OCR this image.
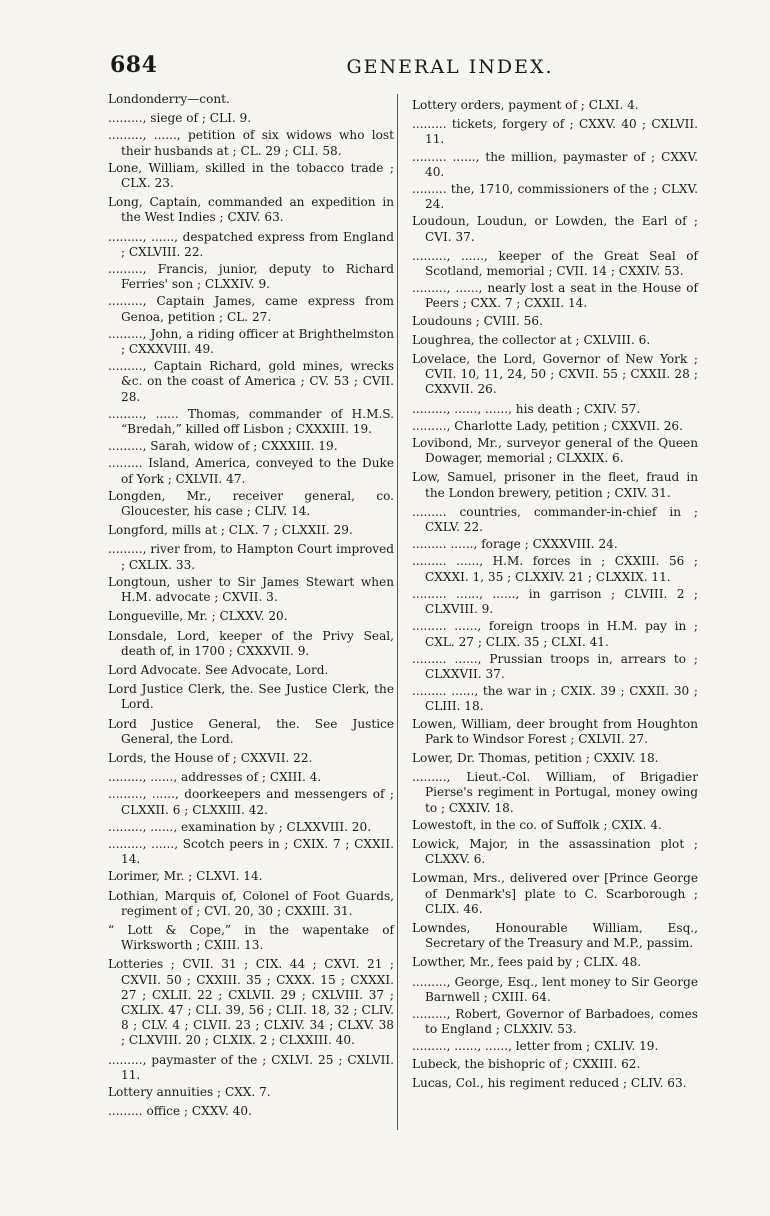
684	GENERAL INDEX.

Londonderry—cont.

........., siege of ; CLI. 9.

........., ......, petition of six widows who lost their husbands at ; CL. 29 ; CLI. 58.

Lone, William, skilled in the tobacco trade ; CLX. 23.

Long, Captain, commanded an expedition in the West Indies ; CXIV. 63.

........., ......, despatched express from England ; CXLVIII. 22.

........., Francis, junior, deputy to Richard Ferries' son ; CLXXIV. 9.

........., Captain James, came express from Genoa, petition ; CL. 27.

........., John, a riding officer at Brighthelmston ; CXXXVIII. 49.

........., Captain Richard, gold mines, wrecks &c. on the coast of America ; CV. 53 ; CVII. 28.

........., ...... Thomas, commander of H.M.S. “Bredah,” killed off Lisbon ; CXXXIII. 19.

........., Sarah, widow of ; CXXXIII. 19.

......... Island, America, conveyed to the Duke of York ; CXLVII. 47.

Longden, Mr., receiver general, co. Gloucester, his case ; CLIV. 14.

Longford, mills at ; CLX. 7 ; CLXXII. 29.

........., river from, to Hampton Court improved ; CXLIX. 33.

Longtoun, usher to Sir James Stewart when H.M. advocate ; CXVII. 3.

Longueville, Mr. ; CLXXV. 20.

Lonsdale, Lord, keeper of the Privy Seal, death of, in 1700 ; CXXXVII. 9.

Lord Advocate. See Advocate, Lord.

Lord Justice Clerk, the. See Justice Clerk, the Lord.

Lord Justice General, the. See Justice General, the Lord.

Lords, the House of ; CXXVII. 22.

........., ......, addresses of ; CXIII. 4.

........., ......, doorkeepers and messengers of ; CLXXII. 6 ; CLXXIII. 42.

........., ......, examination by ; CLXXVIII. 20.

........., ......, Scotch peers in ; CXIX. 7 ; CXXII. 14.

Lorimer, Mr. ; CLXVI. 14.

Lothian, Marquis of, Colonel of Foot Guards, regiment of ; CVI. 20, 30 ; CXXIII. 31.

“ Lott & Cope,” in the wapentake of Wirksworth ; CXIII. 13.

Lotteries ; CVII. 31 ; CIX. 44 ; CXVI. 21 ; CXVII. 50 ; CXXIII. 35 ; CXXX. 15 ; CXXXI. 27 ; CXLII. 22 ; CXLVII. 29 ; CXLVIII. 37 ; CXLIX. 47 ; CLI. 39, 56 ; CLII. 18, 32 ; CLIV. 8 ; CLV. 4 ; CLVII. 23 ; CLXIV. 34 ; CLXV. 38 ; CLXVIII. 20 ; CLXIX. 2 ; CLXXIII. 40.

........., paymaster of the ; CXLVI. 25 ; CXLVII. 11.

Lottery annuities ; CXX. 7.

......... office ; CXXV. 40.

Lottery orders, payment of ; CLXI. 4.

......... tickets, forgery of ; CXXV. 40 ; CXLVII. 11.

......... ......, the million, paymaster of ; CXXV. 40.

......... the, 1710, commissioners of the ; CLXV. 24.

Loudoun, Loudun, or Lowden, the Earl of ; CVI. 37.

........., ......, keeper of the Great Seal of Scotland, memorial ; CVII. 14 ; CXXIV. 53.

........., ......, nearly lost a seat in the House of Peers ; CXX. 7 ; CXXII. 14.

Loudouns ; CVIII. 56.

Loughrea, the collector at ; CXLVIII. 6.

Lovelace, the Lord, Governor of New York ; CVII. 10, 11, 24, 50 ; CXVII. 55 ; CXXII. 28 ; CXXVII. 26.

........., ......, ......, his death ; CXIV. 57.

........., Charlotte Lady, petition ; CXXVII. 26.

Lovibond, Mr., surveyor general of the Queen Dowager, memorial ; CLXXIX. 6.

Low, Samuel, prisoner in the fleet, fraud in the London brewery, petition ; CXIV. 31.

......... countries, commander-in-chief in ; CXLV. 22.

......... ......, forage ; CXXXVIII. 24.

......... ......, H.M. forces in ; CXXIII. 56 ; CXXXI. 1, 35 ; CLXXIV. 21 ; CLXXIX. 11.

......... ......, ......, in garrison ; CLVIII. 2 ; CLXVIII. 9.

......... ......, foreign troops in H.M. pay in ; CXL. 27 ; CLIX. 35 ; CLXI. 41.

......... ......, Prussian troops in, arrears to ; CLXXVII. 37.

......... ......, the war in ; CXIX. 39 ; CXXII. 30 ; CLIII. 18.

Lowen, William, deer brought from Houghton Park to Windsor Forest ; CXLVII. 27.

Lower, Dr. Thomas, petition ; CXXIV. 18.

........., Lieut.-Col. William, of Brigadier Pierse's regiment in Portugal, money owing to ; CXXIV. 18.

Lowestoft, in the co. of Suffolk ; CXIX. 4.

Lowick, Major, in the assassination plot ; CLXXV. 6.

Lowman, Mrs., delivered over [Prince George of Denmark's] plate to C. Scarborough ; CLIX. 46.

Lowndes, Honourable William, Esq., Secretary of the Treasury and M.P., passim.

Lowther, Mr., fees paid by ; CLIX. 48.

........., George, Esq., lent money to Sir George Barnwell ; CXIII. 64.

........., Robert, Governor of Barbadoes, comes to England ; CLXXIV. 53.

........., ......, ......, letter from ; CXLIV. 19.

Lubeck, the bishopric of ; CXXIII. 62.

Lucas, Col., his regiment reduced ; CLIV. 63.
